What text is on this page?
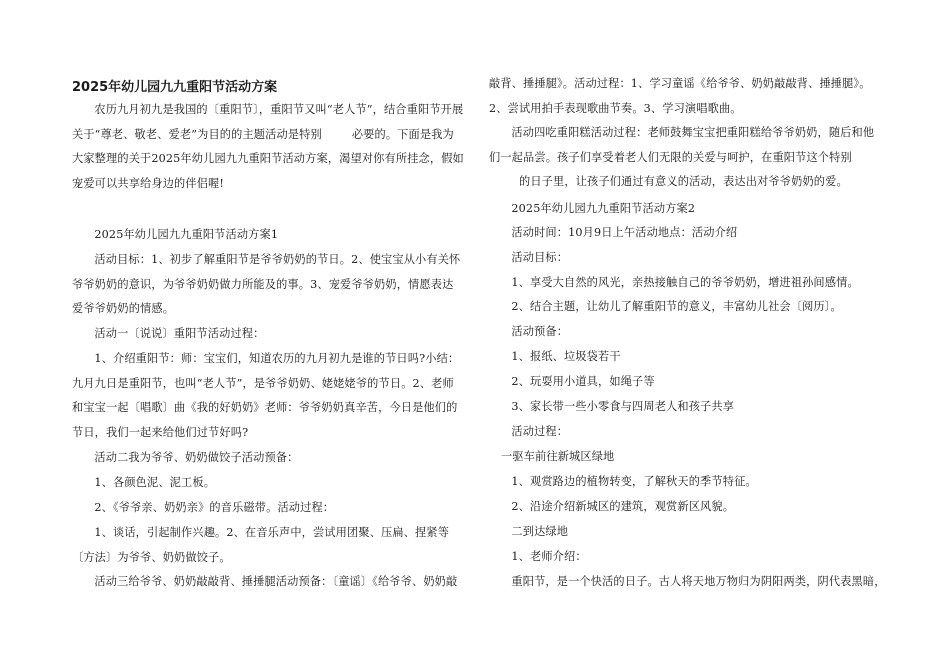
2025年幼儿园九九重阳节活动方案

农历九月初九是我国的〔重阳节〕，重阳节又叫“老人节”，结合重阳节开展关于“尊老、敬老、爱老”为目的的主题活动是特别	必要的。下面是我为大家整理的关于2025年幼儿园九九重阳节活动方案，渴望对你有所挂念，假如宠爱可以共享给身边的伴侣喔!

2025年幼儿园九九重阳节活动方案1

活动目标：1、初步了解重阳节是爷爷奶奶的节日。2、使宝宝从小有关怀爷爷奶奶的意识，为爷爷奶奶做力所能及的事。3、宠爱爷爷奶奶，情愿表达爱爷爷奶奶的情感。

活动一〔说说〕重阳节活动过程：

1、介绍重阳节：师：宝宝们，知道农历的九月初九是谁的节日吗?小结：九月九日是重阳节，也叫“老人节”，是爷爷奶奶、姥姥姥爷的节日。2、老师和宝宝一起〔唱歌〕曲《我的好奶奶》老师：爷爷奶奶真辛苦，今日是他们的节日，我们一起来给他们过节好吗?

活动二我为爷爷、奶奶做饺子活动预备：

1、各颜色泥、泥工板。

2、《爷爷亲、奶奶亲》的音乐磁带。活动过程：

1、谈话，引起制作兴趣。2、在音乐声中，尝试用团聚、压扁、捏紧等〔方法〕为爷爷、奶奶做饺子。

活动三给爷爷、奶奶敲敲背、捶捶腿活动预备：〔童谣〕《给爷爷、奶奶敲

敲背、捶捶腿》。活动过程：1、学习童谣《给爷爷、奶奶敲敲背、捶捶腿》。2、尝试用拍手表现歌曲节奏。3、学习演唱歌曲。

活动四吃重阳糕活动过程：老师鼓舞宝宝把重阳糕给爷爷奶奶，随后和他们一起品尝。孩子们享受着老人们无限的关爱与呵护，在重阳节这个特别的日子里，让孩子们通过有意义的活动，表达出对爷爷奶奶的爱。

2025年幼儿园九九重阳节活动方案2

活动时间：10月9日上午活动地点：活动介绍

活动目标：

1、享受大自然的风光，亲热接触自己的爷爷奶奶，增进祖孙间感情。

2、结合主题，让幼儿了解重阳节的意义，丰富幼儿社会〔阅历〕。

活动预备：

1、报纸、垃圾袋若干

2、玩耍用小道具，如绳子等

3、家长带一些小零食与四周老人和孩子共享

活动过程：

一驱车前往新城区绿地

1、观赏路边的植物转变，了解秋天的季节特征。

2、沿途介绍新城区的建筑，观赏新区风貌。

二到达绿地

1、老师介绍：

重阳节，是一个快活的日子。古人将天地万物归为阴阳两类，阴代表黑暗，
